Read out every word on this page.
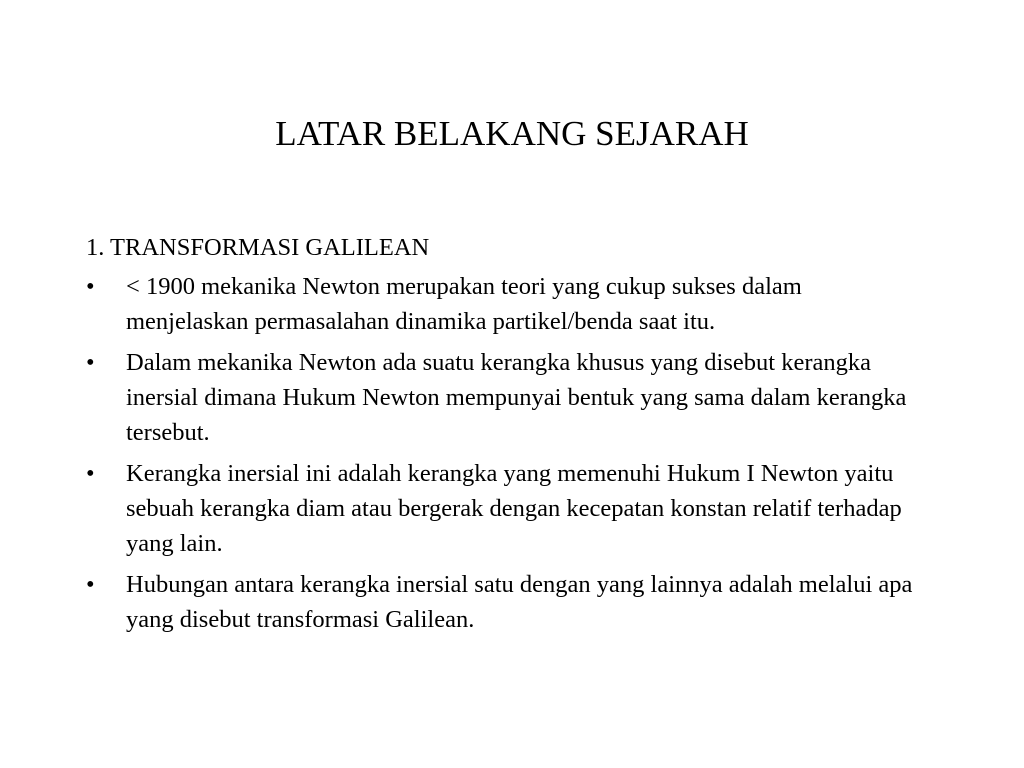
LATAR BELAKANG SEJARAH
1. TRANSFORMASI GALILEAN
• < 1900 mekanika Newton merupakan teori yang cukup sukses dalam menjelaskan permasalahan dinamika partikel/benda saat itu.
• Dalam mekanika Newton ada suatu kerangka khusus yang disebut kerangka inersial dimana Hukum Newton mempunyai bentuk yang sama dalam kerangka tersebut.
• Kerangka inersial ini adalah kerangka yang memenuhi Hukum I Newton yaitu sebuah kerangka diam atau bergerak dengan kecepatan konstan relatif terhadap yang lain.
• Hubungan antara kerangka inersial satu dengan yang lainnya adalah melalui apa yang disebut transformasi Galilean.
